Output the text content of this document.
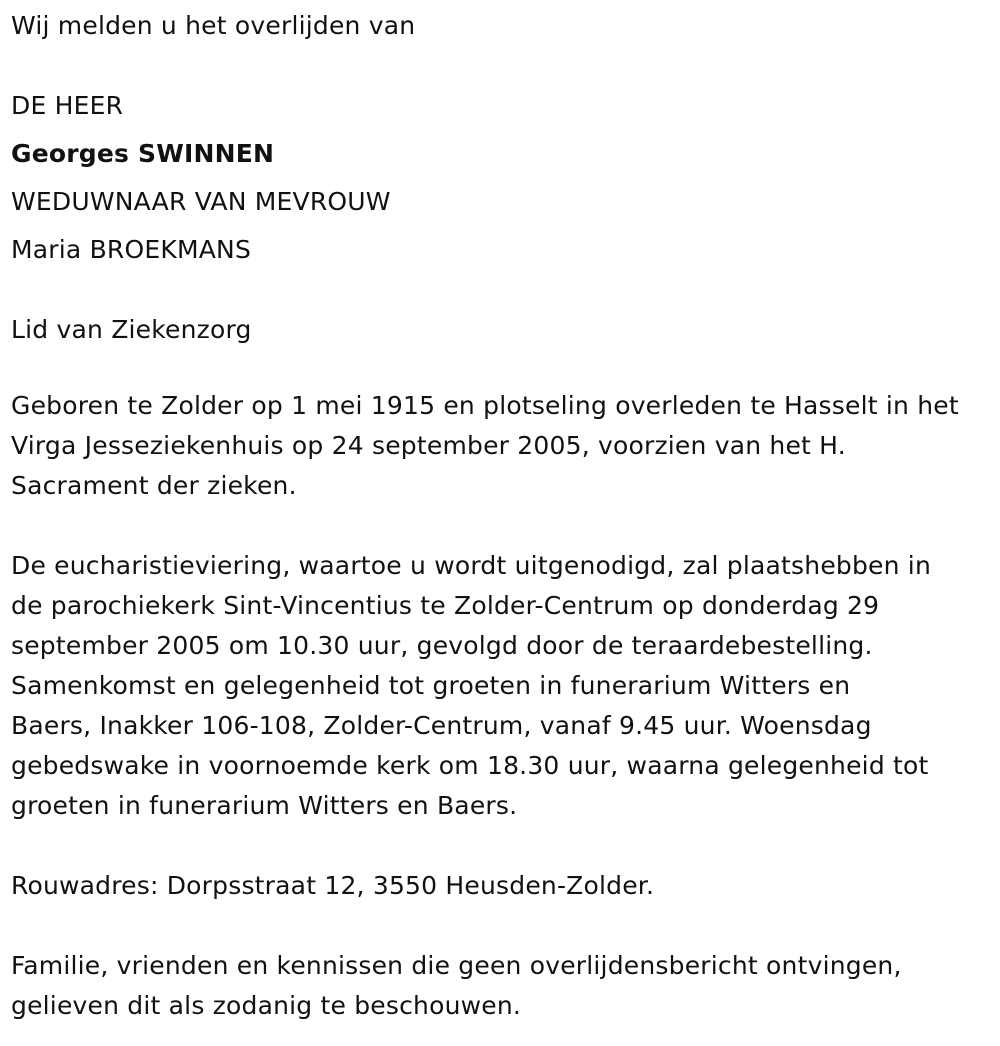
Wij melden u het overlijden van
DE HEER
Georges SWINNEN
WEDUWNAAR VAN MEVROUW
Maria BROEKMANS
Lid van Ziekenzorg
Geboren te Zolder op 1 mei 1915 en plotseling overleden te Hasselt in het
Virga Jesseziekenhuis op 24 september 2005, voorzien van het H.
Sacrament der zieken.
De eucharistieviering, waartoe u wordt uitgenodigd, zal plaatshebben in
de parochiekerk Sint-Vincentius te Zolder-Centrum op donderdag 29
september 2005 om 10.30 uur, gevolgd door de teraardebestelling.
Samenkomst en gelegenheid tot groeten in funerarium Witters en
Baers, Inakker 106-108, Zolder-Centrum, vanaf 9.45 uur. Woensdag
gebedswake in voornoemde kerk om 18.30 uur, waarna gelegenheid tot
groeten in funerarium Witters en Baers.
Rouwadres: Dorpsstraat 12, 3550 Heusden-Zolder.
Familie, vrienden en kennissen die geen overlijdensbericht ontvingen,
gelieven dit als zodanig te beschouwen.
